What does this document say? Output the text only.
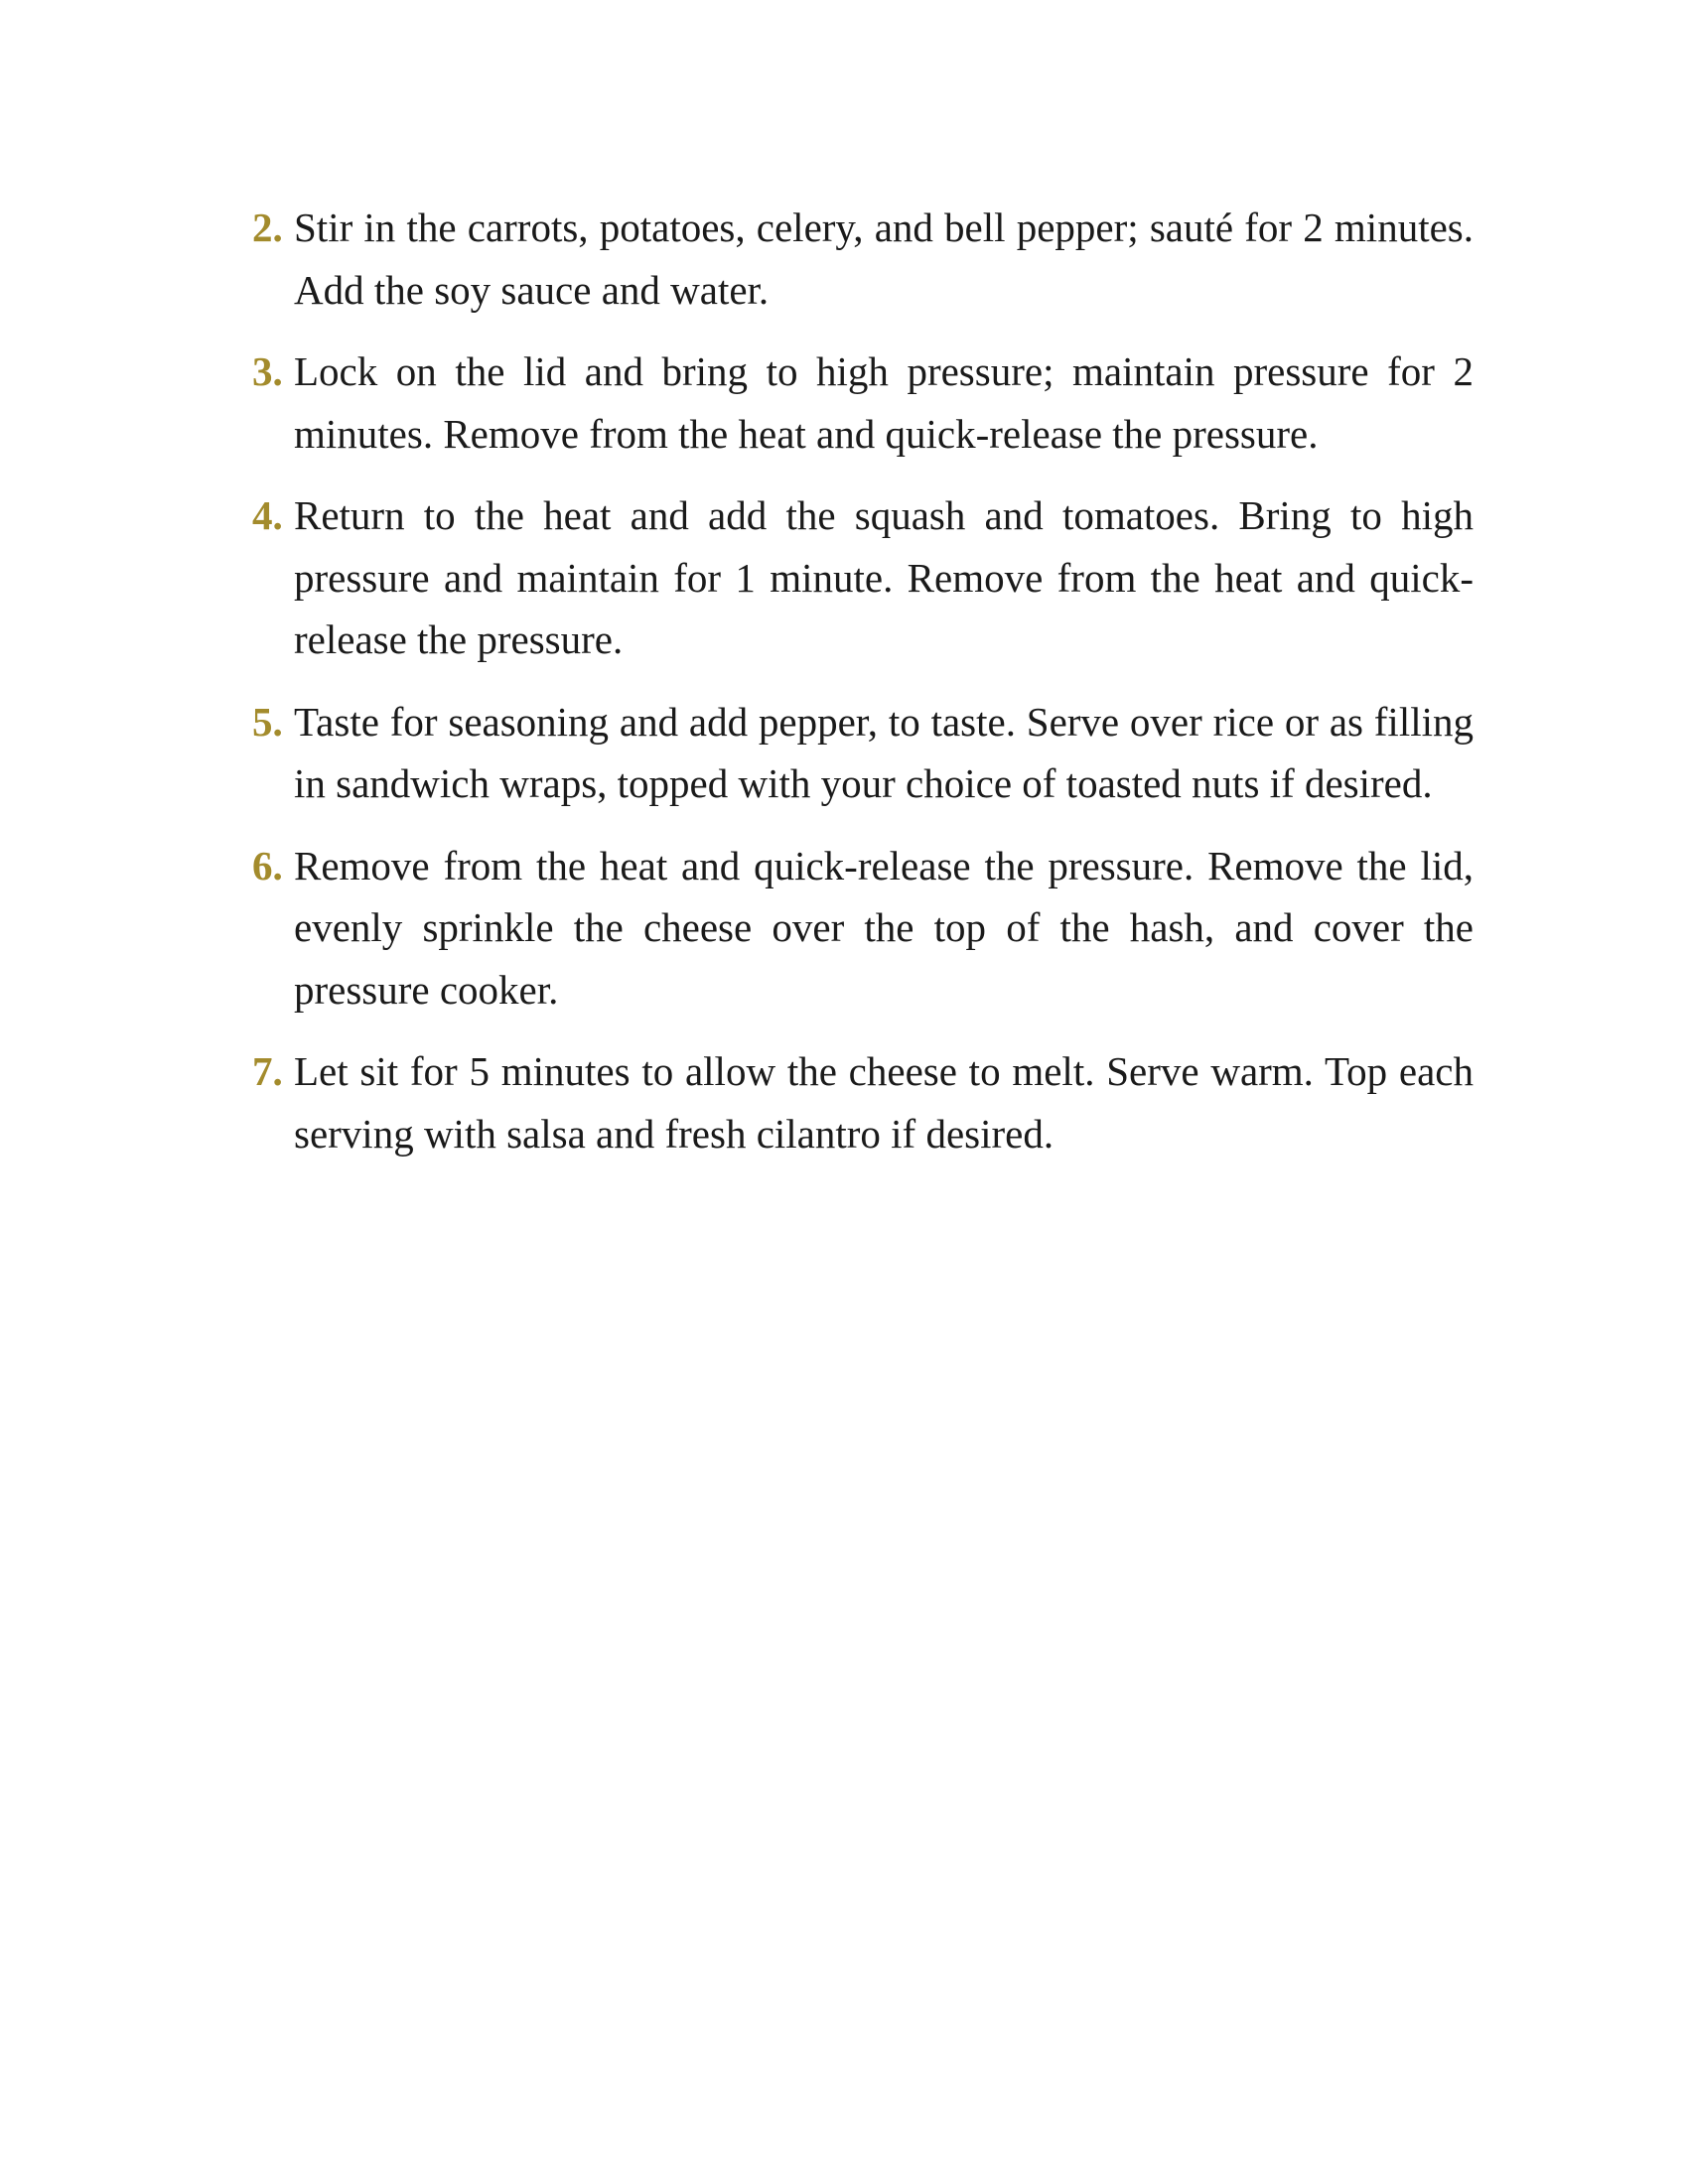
2. Stir in the carrots, potatoes, celery, and bell pepper; sauté for 2 minutes. Add the soy sauce and water.
3. Lock on the lid and bring to high pressure; maintain pressure for 2 minutes. Remove from the heat and quick-release the pressure.
4. Return to the heat and add the squash and tomatoes. Bring to high pressure and maintain for 1 minute. Remove from the heat and quick-release the pressure.
5. Taste for seasoning and add pepper, to taste. Serve over rice or as filling in sandwich wraps, topped with your choice of toasted nuts if desired.
6. Remove from the heat and quick-release the pressure. Remove the lid, evenly sprinkle the cheese over the top of the hash, and cover the pressure cooker.
7. Let sit for 5 minutes to allow the cheese to melt. Serve warm. Top each serving with salsa and fresh cilantro if desired.
